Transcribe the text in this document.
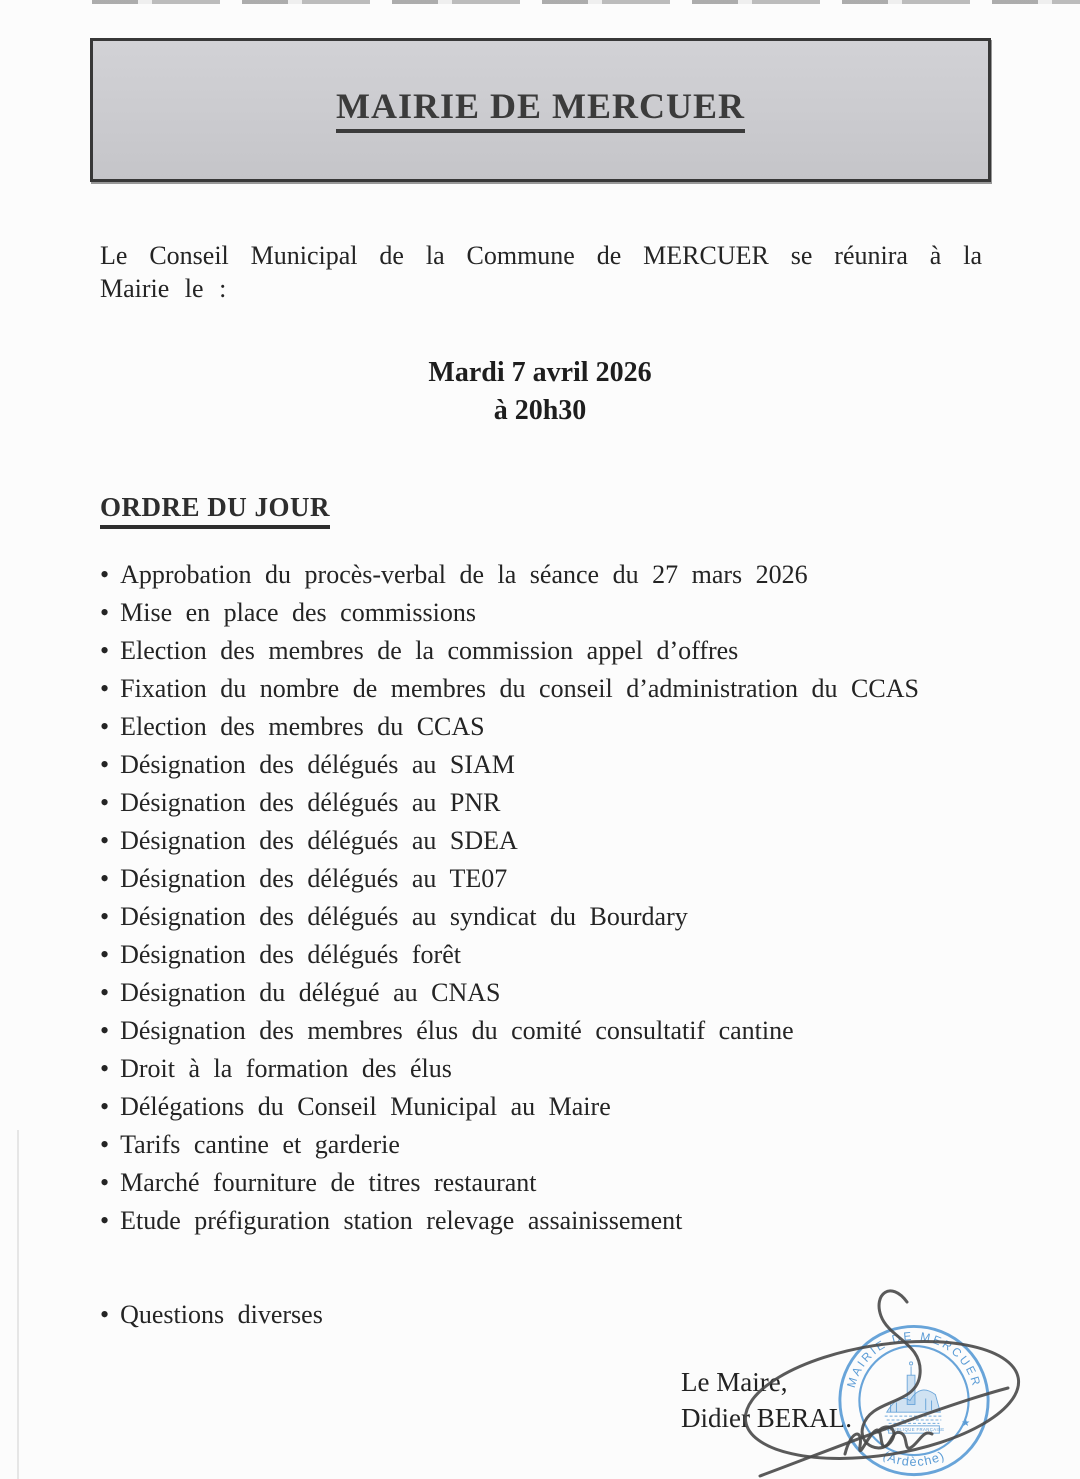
MAIRIE DE MERCUER

Le Conseil Municipal de la Commune de MERCUER se réunira à la Mairie le :

Mardi 7 avril 2026
à 20h30
ORDRE DU JOUR
• Approbation du procès-verbal de la séance du 27 mars 2026
• Mise en place des commissions
• Election des membres de la commission appel d’offres
• Fixation du nombre de membres du conseil d’administration du CCAS
• Election des membres du CCAS
• Désignation des délégués au SIAM
• Désignation des délégués au PNR
• Désignation des délégués au SDEA
• Désignation des délégués au TE07
• Désignation des délégués au syndicat du Bourdary
• Désignation des délégués forêt
• Désignation du délégué au CNAS
• Désignation des membres élus du comité consultatif cantine
• Droit à la formation des élus
• Délégations du Conseil Municipal au Maire
• Tarifs cantine et garderie
• Marché fourniture de titres restaurant
• Etude préfiguration station relevage assainissement
• Questions diverses
Le Maire,
Didier BERAL.
MAIRIE DE MERCUER
(Ardèche)
★
RÉPUBLIQUE FRANÇAISE
